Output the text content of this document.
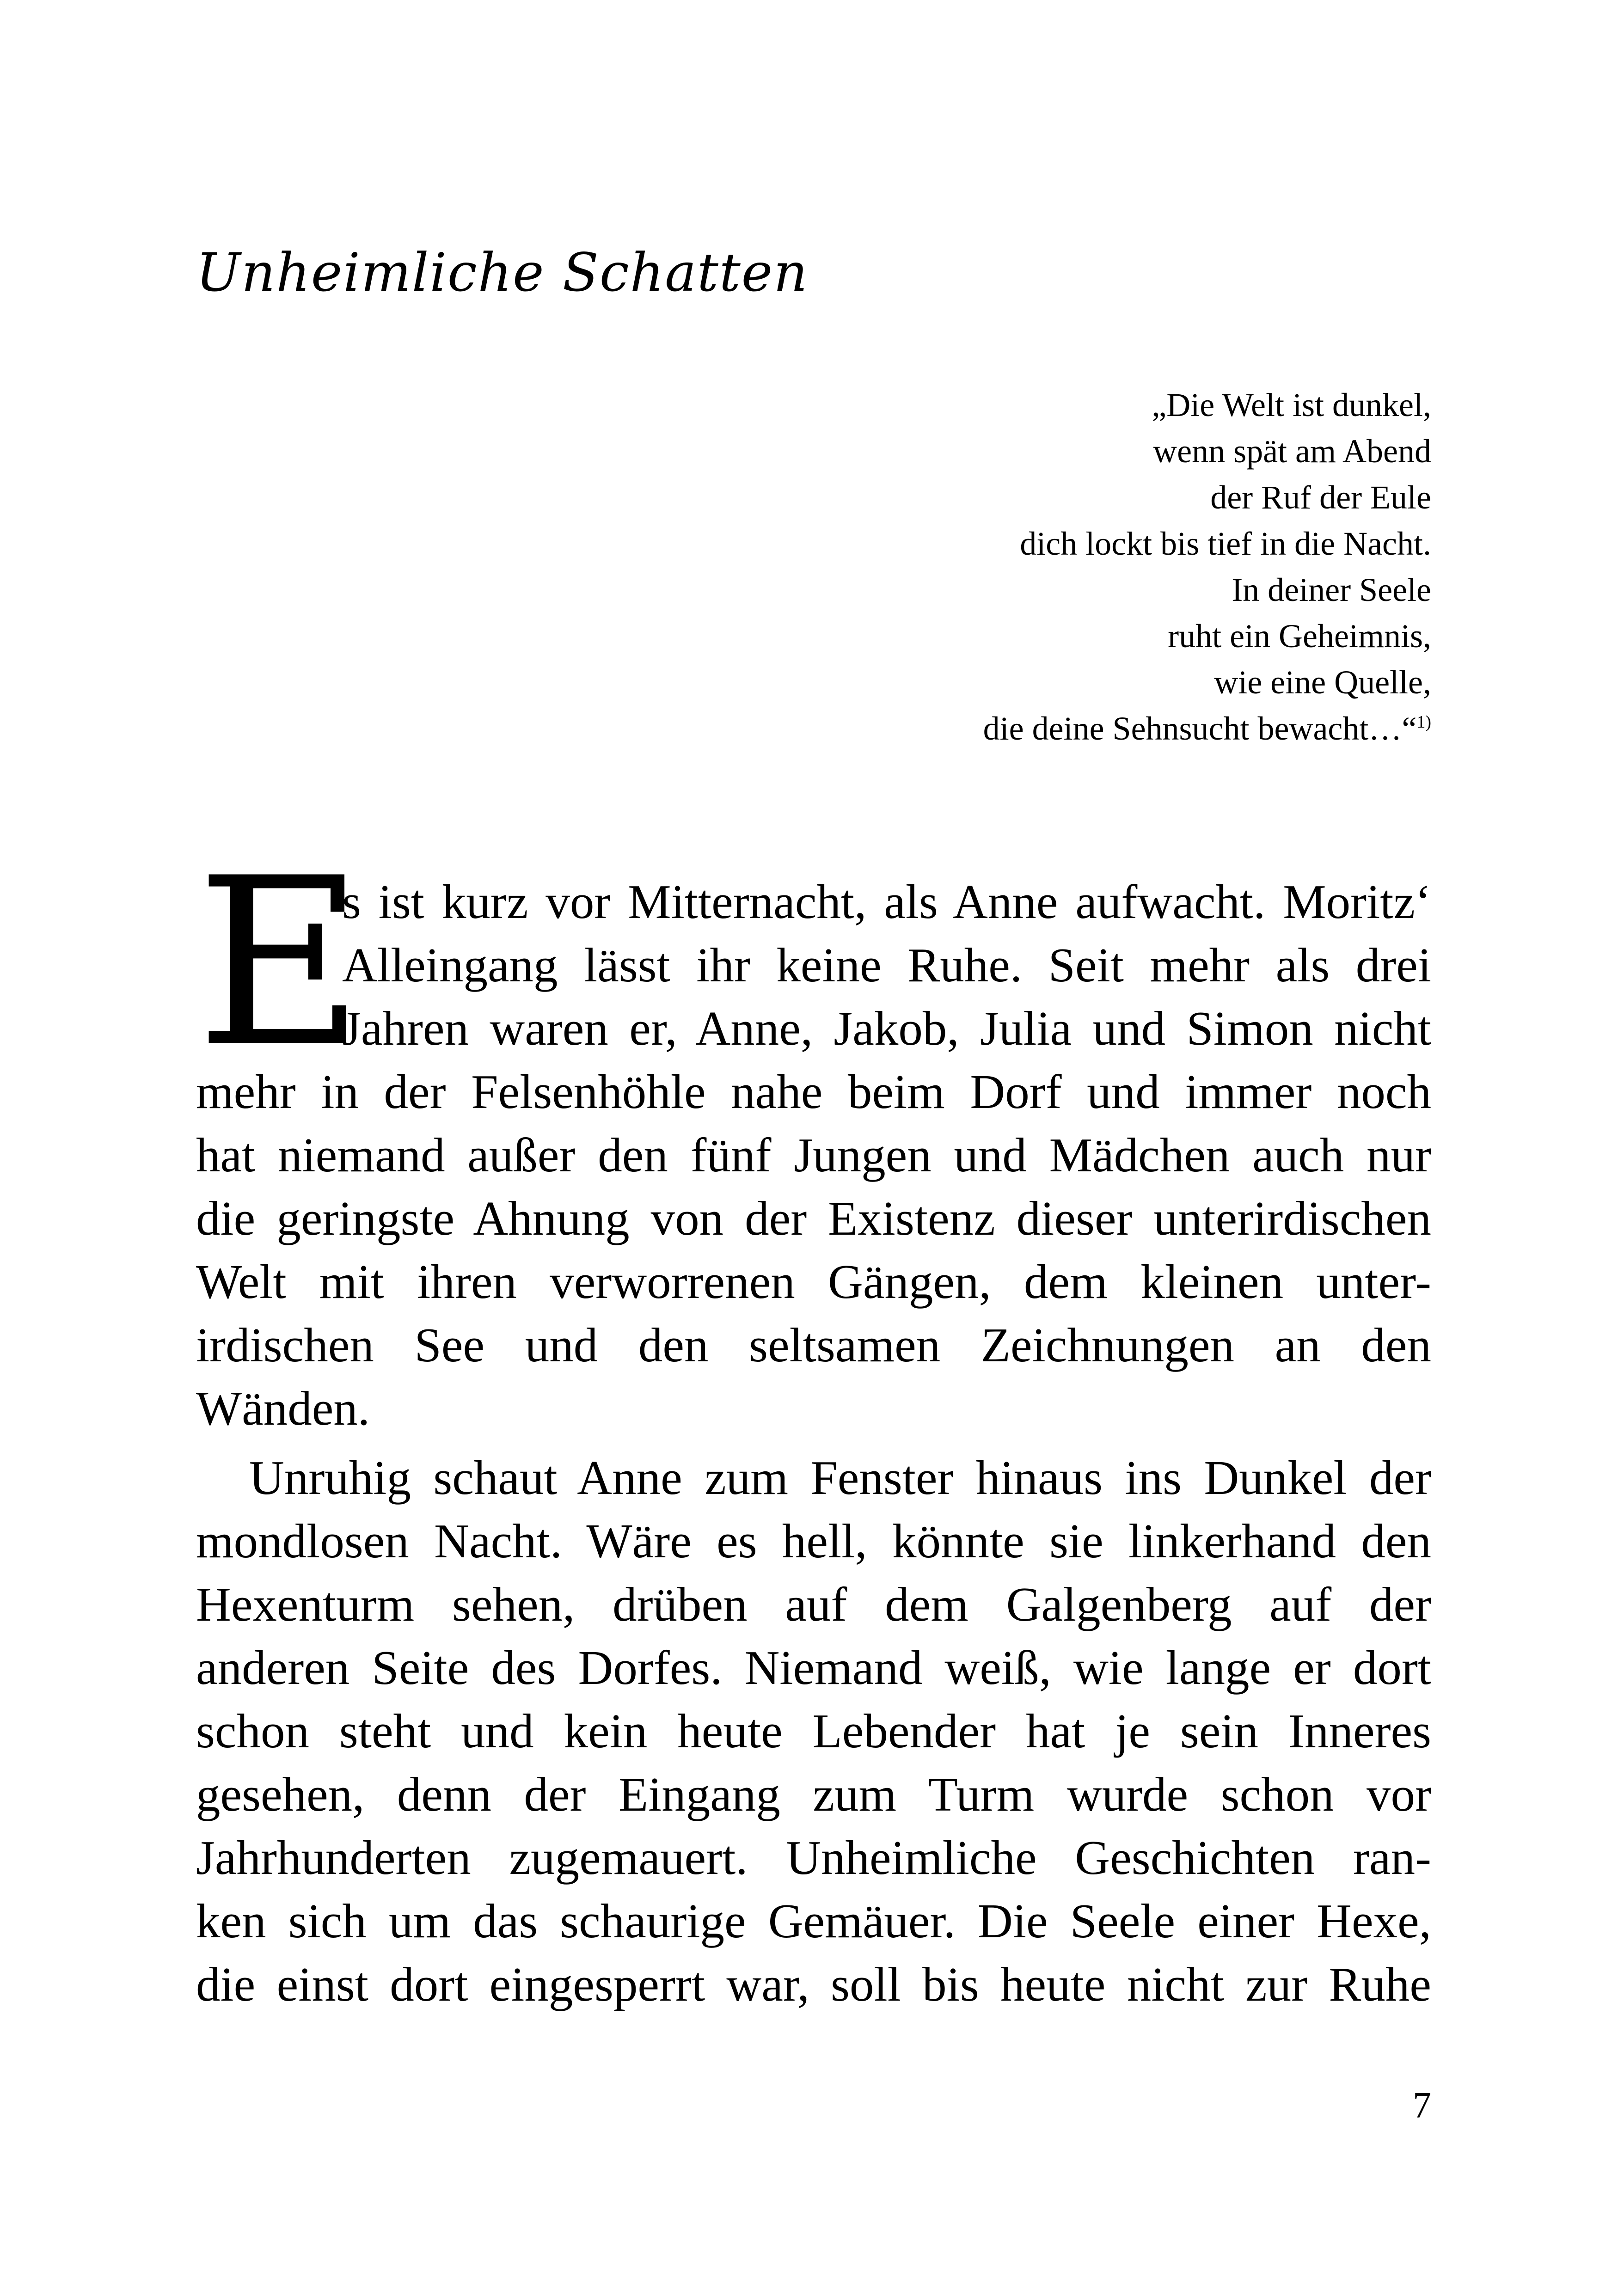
Unheimliche Schatten
„Die Welt ist dunkel,
wenn spät am Abend
der Ruf der Eule
dich lockt bis tief in die Nacht.
In deiner Seele
ruht ein Geheimnis,
wie eine Quelle,
die deine Sehnsucht bewacht…“$^{1)}$
E
s ist kurz vor Mitternacht, als Anne aufwacht. Moritz‘
Alleingang lässt ihr keine Ruhe. Seit mehr als drei
Jahren waren er, Anne, Jakob, Julia und Simon nicht
mehr in der Felsenhöhle nahe beim Dorf und immer noch
hat niemand außer den fünf Jungen und Mädchen auch nur
die geringste Ahnung von der Existenz dieser unterirdischen
Welt mit ihren verworrenen Gängen, dem kleinen unter-
irdischen See und den seltsamen Zeichnungen an den
Wänden.
Unruhig schaut Anne zum Fenster hinaus ins Dunkel der
mondlosen Nacht. Wäre es hell, könnte sie linkerhand den
Hexenturm sehen, drüben auf dem Galgenberg auf der
anderen Seite des Dorfes. Niemand weiß, wie lange er dort
schon steht und kein heute Lebender hat je sein Inneres
gesehen, denn der Eingang zum Turm wurde schon vor
Jahrhunderten zugemauert. Unheimliche Geschichten ran-
ken sich um das schaurige Gemäuer. Die Seele einer Hexe,
die einst dort eingesperrt war, soll bis heute nicht zur Ruhe
7
